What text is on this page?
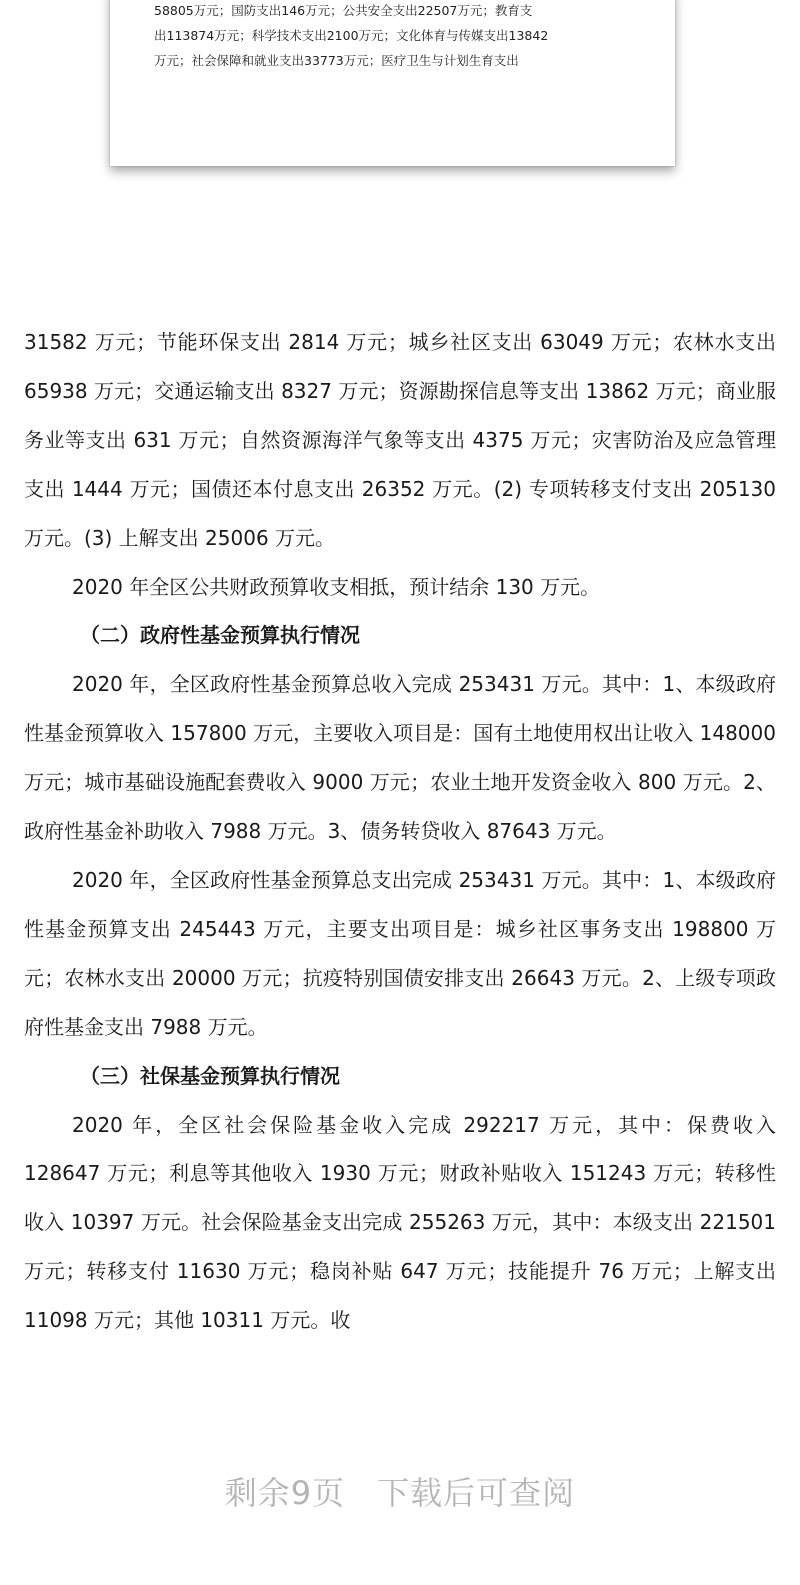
58805万元；国防支出146万元；公共安全支出22507万元；教育支
出113874万元；科学技术支出2100万元；文化体育与传媒支出13842
万元；社会保障和就业支出33773万元；医疗卫生与计划生育支出

31582 万元；节能环保支出 2814 万元；城乡社区支出 63049 万元；农林水支出 65938 万元；交通运输支出 8327 万元；资源勘探信息等支出 13862 万元；商业服务业等支出 631 万元；自然资源海洋气象等支出 4375 万元；灾害防治及应急管理支出 1444 万元；国债还本付息支出 26352 万元。(2) 专项转移支付支出 205130 万元。(3) 上解支出 25006 万元。

2020 年全区公共财政预算收支相抵，预计结余 130 万元。

（二）政府性基金预算执行情况

2020 年，全区政府性基金预算总收入完成 253431 万元。其中：1、本级政府性基金预算收入 157800 万元，主要收入项目是：国有土地使用权出让收入 148000 万元；城市基础设施配套费收入 9000 万元；农业土地开发资金收入 800 万元。2、政府性基金补助收入 7988 万元。3、债务转贷收入 87643 万元。

2020 年，全区政府性基金预算总支出完成 253431 万元。其中：1、本级政府性基金预算支出 245443 万元，主要支出项目是：城乡社区事务支出 198800 万元；农林水支出 20000 万元；抗疫特别国债安排支出 26643 万元。2、上级专项政府性基金支出 7988 万元。

（三）社保基金预算执行情况

2020 年，全区社会保险基金收入完成 292217 万元，其中：保费收入 128647 万元；利息等其他收入 1930 万元；财政补贴收入 151243 万元；转移性收入 10397 万元。社会保险基金支出完成 255263 万元，其中：本级支出 221501 万元；转移支付 11630 万元；稳岗补贴 647 万元；技能提升 76 万元；上解支出 11098 万元；其他 10311 万元。收

剩余9页 下载后可查阅
